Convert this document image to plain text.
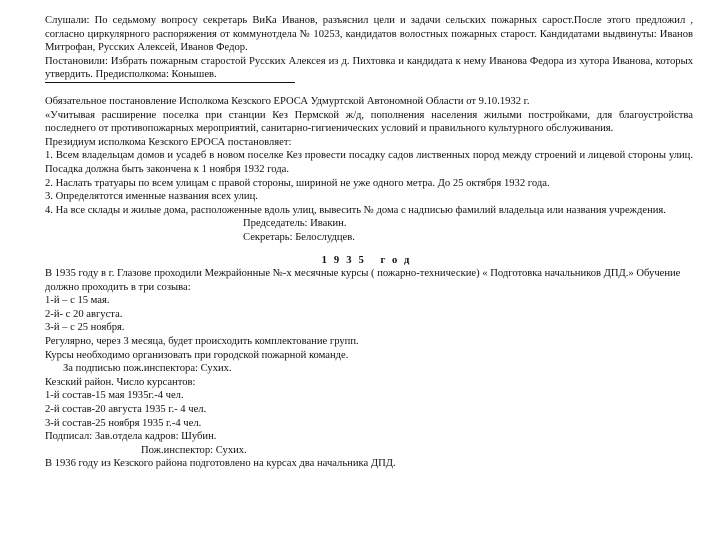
Слушали: По седьмому вопросу секретарь ВиКа Иванов, разъяснил цели и задачи сельских пожарных сарост.После этого предложил , согласно циркулярного распоряжения от коммунотдела № 10253, кандидатов волостных пожарных старост. Кандидатами выдвинуты: Иванов Митрофан, Русских Алексей, Иванов Федор.

Постановили: Избрать пожарным старостой Русских Алексея из д. Пихтовка и кандидата к нему Иванова Федора из хутора Иванова, которых утвердить. Предисполкома: Конышев.

Обязательное постановление Исполкома Кезского ЕРОСА Удмуртской Автономной Области от 9.10.1932 г.

«Учитывая расширение поселка при станции Кез Пермской ж/д, пополнения населения жилыми постройками, для благоустройства последнего от противопожарных мероприятий, санитарно-гигиенических условий и правильного культурного обслуживания.

Президиум исполкома Кезского ЕРОСА постановляет:

1. Всем владельцам домов и усадеб в новом поселке Кез провести посадку садов лиственных пород между строений и лицевой стороны улиц. Посадка должна быть закончена к 1 ноября 1932 года.

2. Наслать тратуары по всем улицам с правой стороны, шириной не уже одного метра. До 25 октября 1932 года.

3. Определятотся именные названия всех улиц.

4. На все склады и жилые дома, расположенные вдоль улиц, вывесить № дома с надписью фамилий владельца или названия учреждения.

Председатель: Ивакин.

Секретарь: Белослудцев.

1935 год

В 1935 году в г. Глазове проходили Межрайонные №-х месячные курсы ( пожарно-технические) « Подготовка начальников ДПД.» Обучение должно проходить в три созыва:

1-й – с 15 мая.

2-й- с 20 августа.

3-й – с 25 ноября.

Регулярно, через 3 месяца, будет происходить комплектование групп.

Курсы необходимо организовать при городской пожарной команде.

За подписью пож.инспектора: Сухих.

Кезский район. Число курсантов:

1-й состав-15 мая 1935г.-4 чел.

2-й состав-20 августа 1935 г.- 4 чел.

3-й состав-25 ноября 1935 г.-4 чел.

Подписал: Зав.отдела кадров: Шубин.

Пож.инспектор: Сухих.

В 1936 году из Кезского района подготовлено на курсах два начальника ДПД.
